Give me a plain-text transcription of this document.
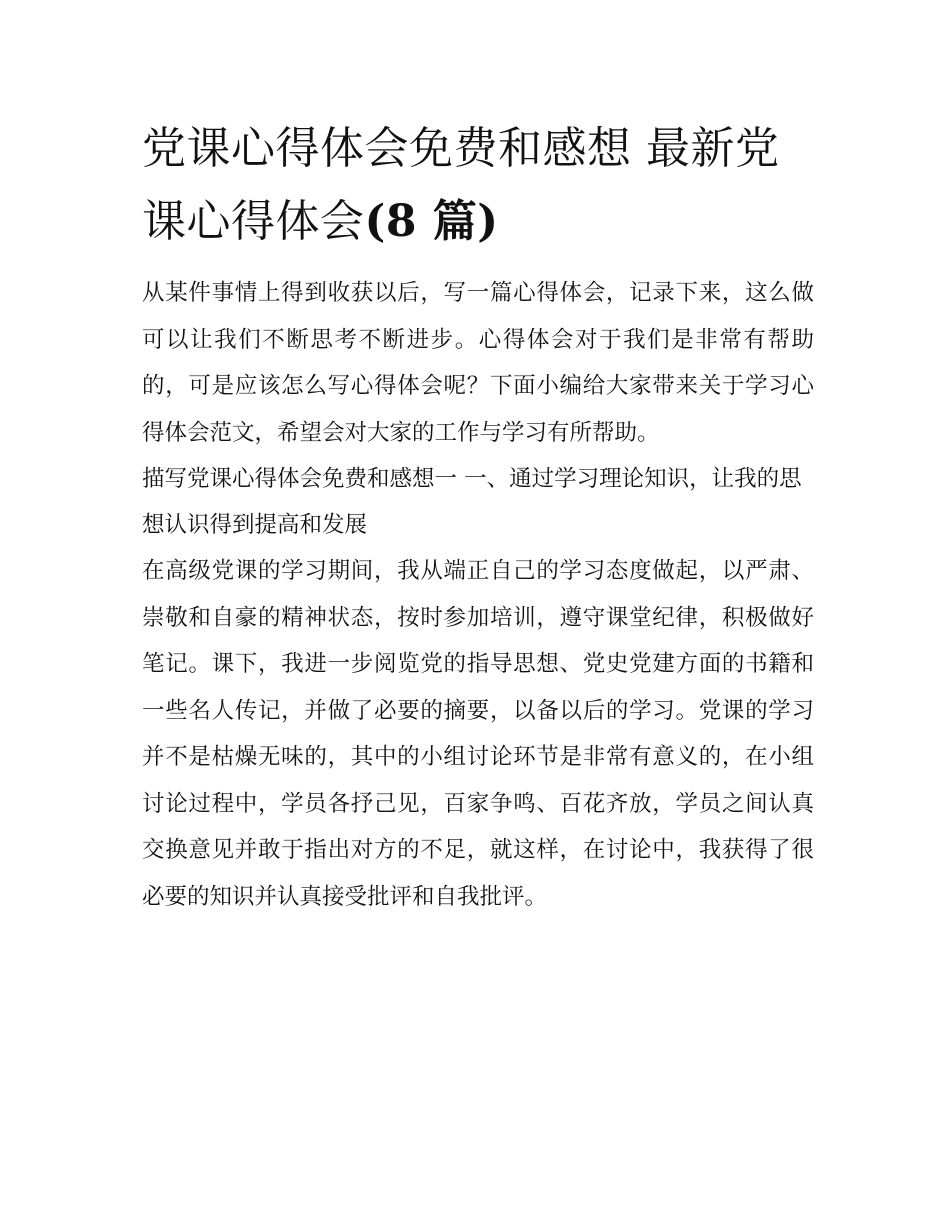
党课心得体会免费和感想 最新党课心得体会(8 篇)

从某件事情上得到收获以后，写一篇心得体会，记录下来，这么做可以让我们不断思考不断进步。心得体会对于我们是非常有帮助的，可是应该怎么写心得体会呢？下面小编给大家带来关于学习心得体会范文，希望会对大家的工作与学习有所帮助。

描写党课心得体会免费和感想一 一、通过学习理论知识，让我的思想认识得到提高和发展

在高级党课的学习期间，我从端正自己的学习态度做起，以严肃、崇敬和自豪的精神状态，按时参加培训，遵守课堂纪律，积极做好笔记。课下，我进一步阅览党的指导思想、党史党建方面的书籍和一些名人传记，并做了必要的摘要，以备以后的学习。党课的学习并不是枯燥无味的，其中的小组讨论环节是非常有意义的，在小组讨论过程中，学员各抒己见，百家争鸣、百花齐放，学员之间认真交换意见并敢于指出对方的不足，就这样，在讨论中，我获得了很必要的知识并认真接受批评和自我批评。
